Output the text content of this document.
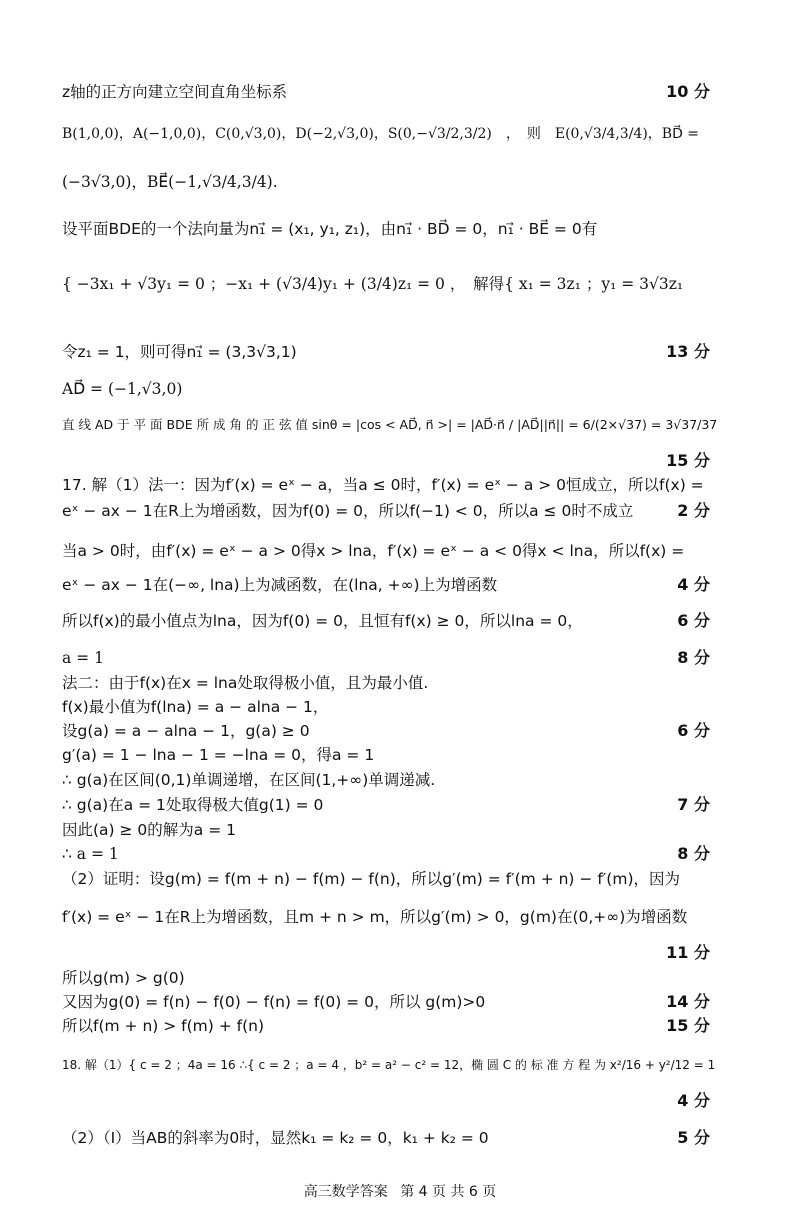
z轴的正方向建立空间直角坐标系	10 分
B(1,0,0)，A(−1,0,0)，C(0,√3,0)，D(−2,√3,0)，S(0,−√3/2,3/2)　，　则　E(0,√3/4,3/4)，BD⃗ =
(−3√3,0)，BE⃗(−1,√3/4,3/4).
设平面BDE的一个法向量为n₁⃗ = (x₁, y₁, z₁)，由n₁⃗ · BD⃗ = 0，n₁⃗ · BE⃗ = 0有
{ −3x₁ + √3y₁ = 0 ；−x₁ + (√3/4)y₁ + (3/4)z₁ = 0 ，　解得{ x₁ = 3z₁ ；y₁ = 3√3z₁
令z₁ = 1，则可得n₁⃗ = (3,3√3,1)	13 分
AD⃗ = (−1,√3,0)
直 线 AD 于 平 面 BDE 所 成 角 的 正 弦 值 sinθ = |cos < AD⃗, n⃗ >| = |AD⃗·n⃗ / |AD⃗||n⃗|| = 6/(2×√37) = 3√37/37
15 分
17. 解（1）法一：因为f′(x) = eˣ − a，当a ≤ 0时，f′(x) = eˣ − a > 0恒成立，所以f(x) =
eˣ − ax − 1在R上为增函数，因为f(0) = 0，所以f(−1) < 0，所以a ≤ 0时不成立	2 分
当a > 0时，由f′(x) = eˣ − a > 0得x > lna，f′(x) = eˣ − a < 0得x < lna，所以f(x) =
eˣ − ax − 1在(−∞, lna)上为减函数，在(lna, +∞)上为增函数	4 分
所以f(x)的最小值点为lna，因为f(0) = 0，且恒有f(x) ≥ 0，所以lna = 0，	6 分
a = 1	8 分
法二：由于f(x)在x = lna处取得极小值，且为最小值.
f(x)最小值为f(lna) = a − alna − 1，
设g(a) = a − alna − 1，g(a) ≥ 0	6 分
g′(a) = 1 − lna − 1 = −lna = 0，得a = 1
∴ g(a)在区间(0,1)单调递增，在区间(1,+∞)单调递减.
∴ g(a)在a = 1处取得极大值g(1) = 0	7 分
因此(a) ≥ 0的解为a = 1
∴ a = 1	8 分
（2）证明：设g(m) = f(m + n) − f(m) − f(n)，所以g′(m) = f′(m + n) − f′(m)，因为
f′(x) = eˣ − 1在R上为增函数，且m + n > m，所以g′(m) > 0，g(m)在(0,+∞)为增函数
11 分
所以g(m) > g(0)
又因为g(0) = f(n) − f(0) − f(n) = f(0) = 0，所以 g(m)>0	14 分
所以f(m + n) > f(m) + f(n)	15 分
18. 解（1）{ c = 2 ；4a = 16 ∴{ c = 2 ；a = 4 ，b² = a² − c² = 12，椭 圆 C 的 标 准 方 程 为 x²/16 + y²/12 = 1
4 分
（2）（Ⅰ）当AB的斜率为0时，显然k₁ = k₂ = 0，k₁ + k₂ = 0	5 分
高三数学答案 第 4 页 共 6 页
